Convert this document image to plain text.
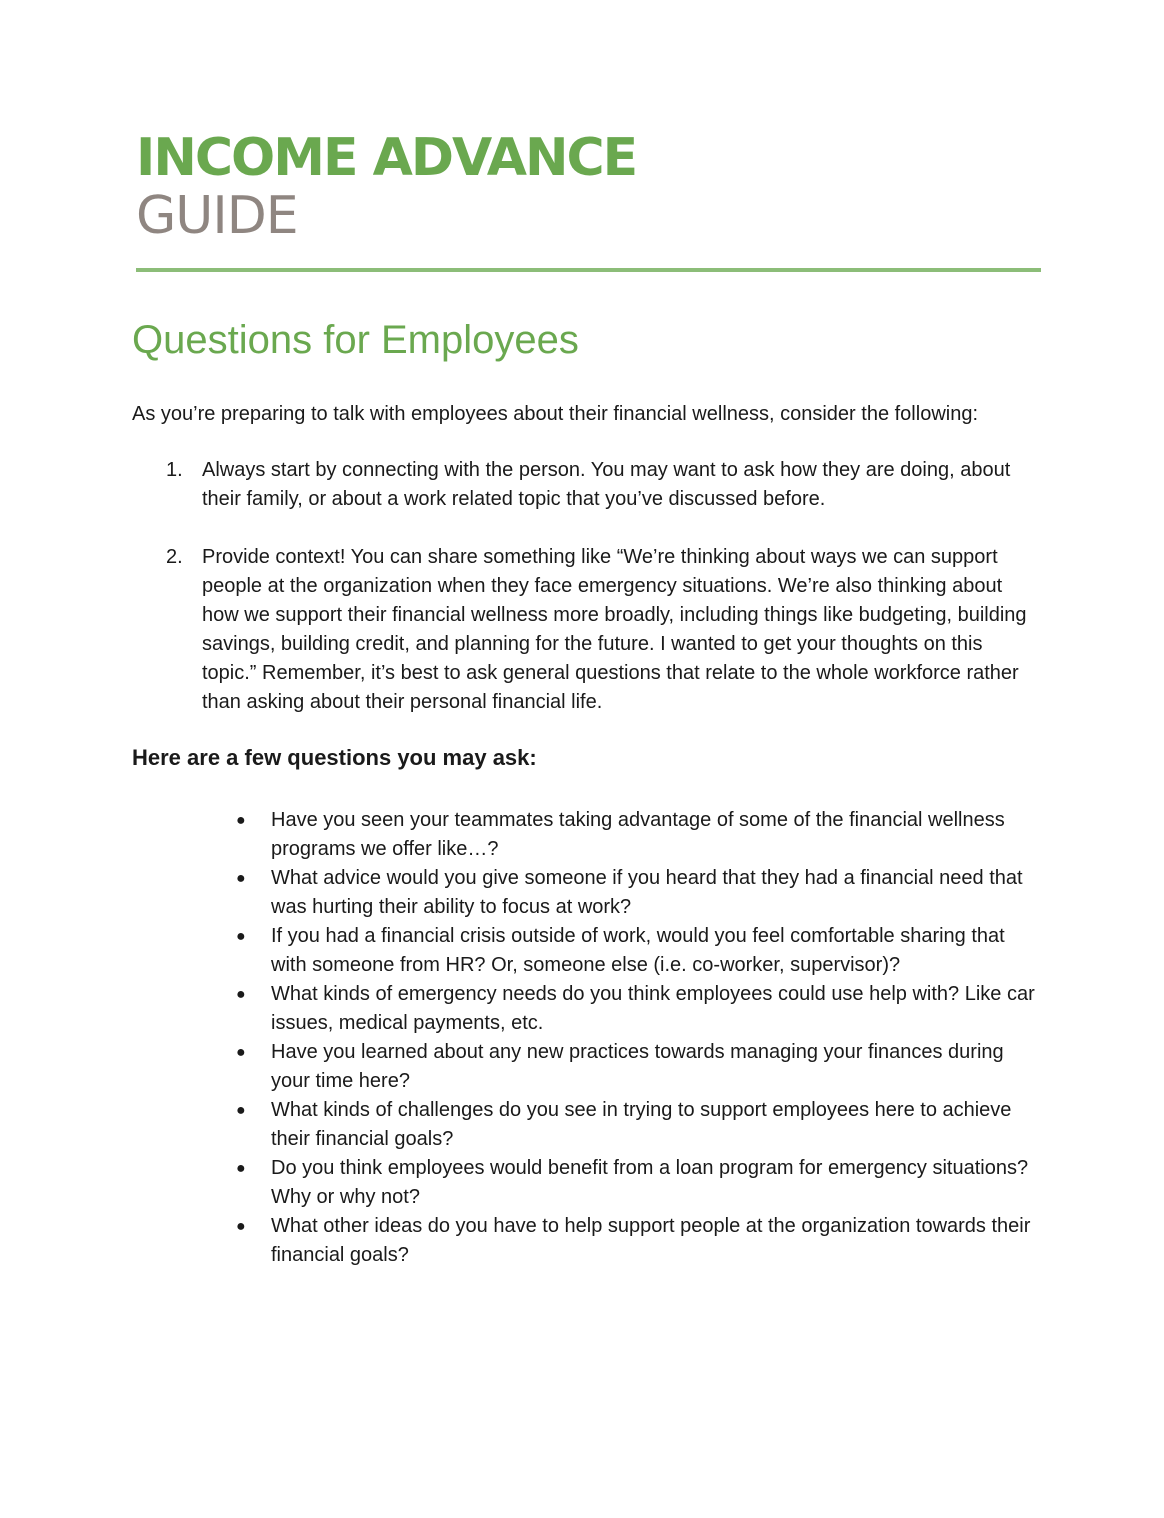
INCOME ADVANCE
GUIDE
Questions for Employees
As you’re preparing to talk with employees about their financial wellness, consider the following:
1. Always start by connecting with the person. You may want to ask how they are doing, about their family, or about a work related topic that you’ve discussed before.
2. Provide context! You can share something like “We’re thinking about ways we can support people at the organization when they face emergency situations. We’re also thinking about how we support their financial wellness more broadly, including things like budgeting, building savings, building credit, and planning for the future. I wanted to get your thoughts on this topic.” Remember, it’s best to ask general questions that relate to the whole workforce rather than asking about their personal financial life.
Here are a few questions you may ask:
● Have you seen your teammates taking advantage of some of the financial wellness programs we offer like…?
● What advice would you give someone if you heard that they had a financial need that was hurting their ability to focus at work?
● If you had a financial crisis outside of work, would you feel comfortable sharing that with someone from HR? Or, someone else (i.e. co-worker, supervisor)?
● What kinds of emergency needs do you think employees could use help with? Like car issues, medical payments, etc.
● Have you learned about any new practices towards managing your finances during your time here?
● What kinds of challenges do you see in trying to support employees here to achieve their financial goals?
● Do you think employees would benefit from a loan program for emergency situations? Why or why not?
● What other ideas do you have to help support people at the organization towards their financial goals?
